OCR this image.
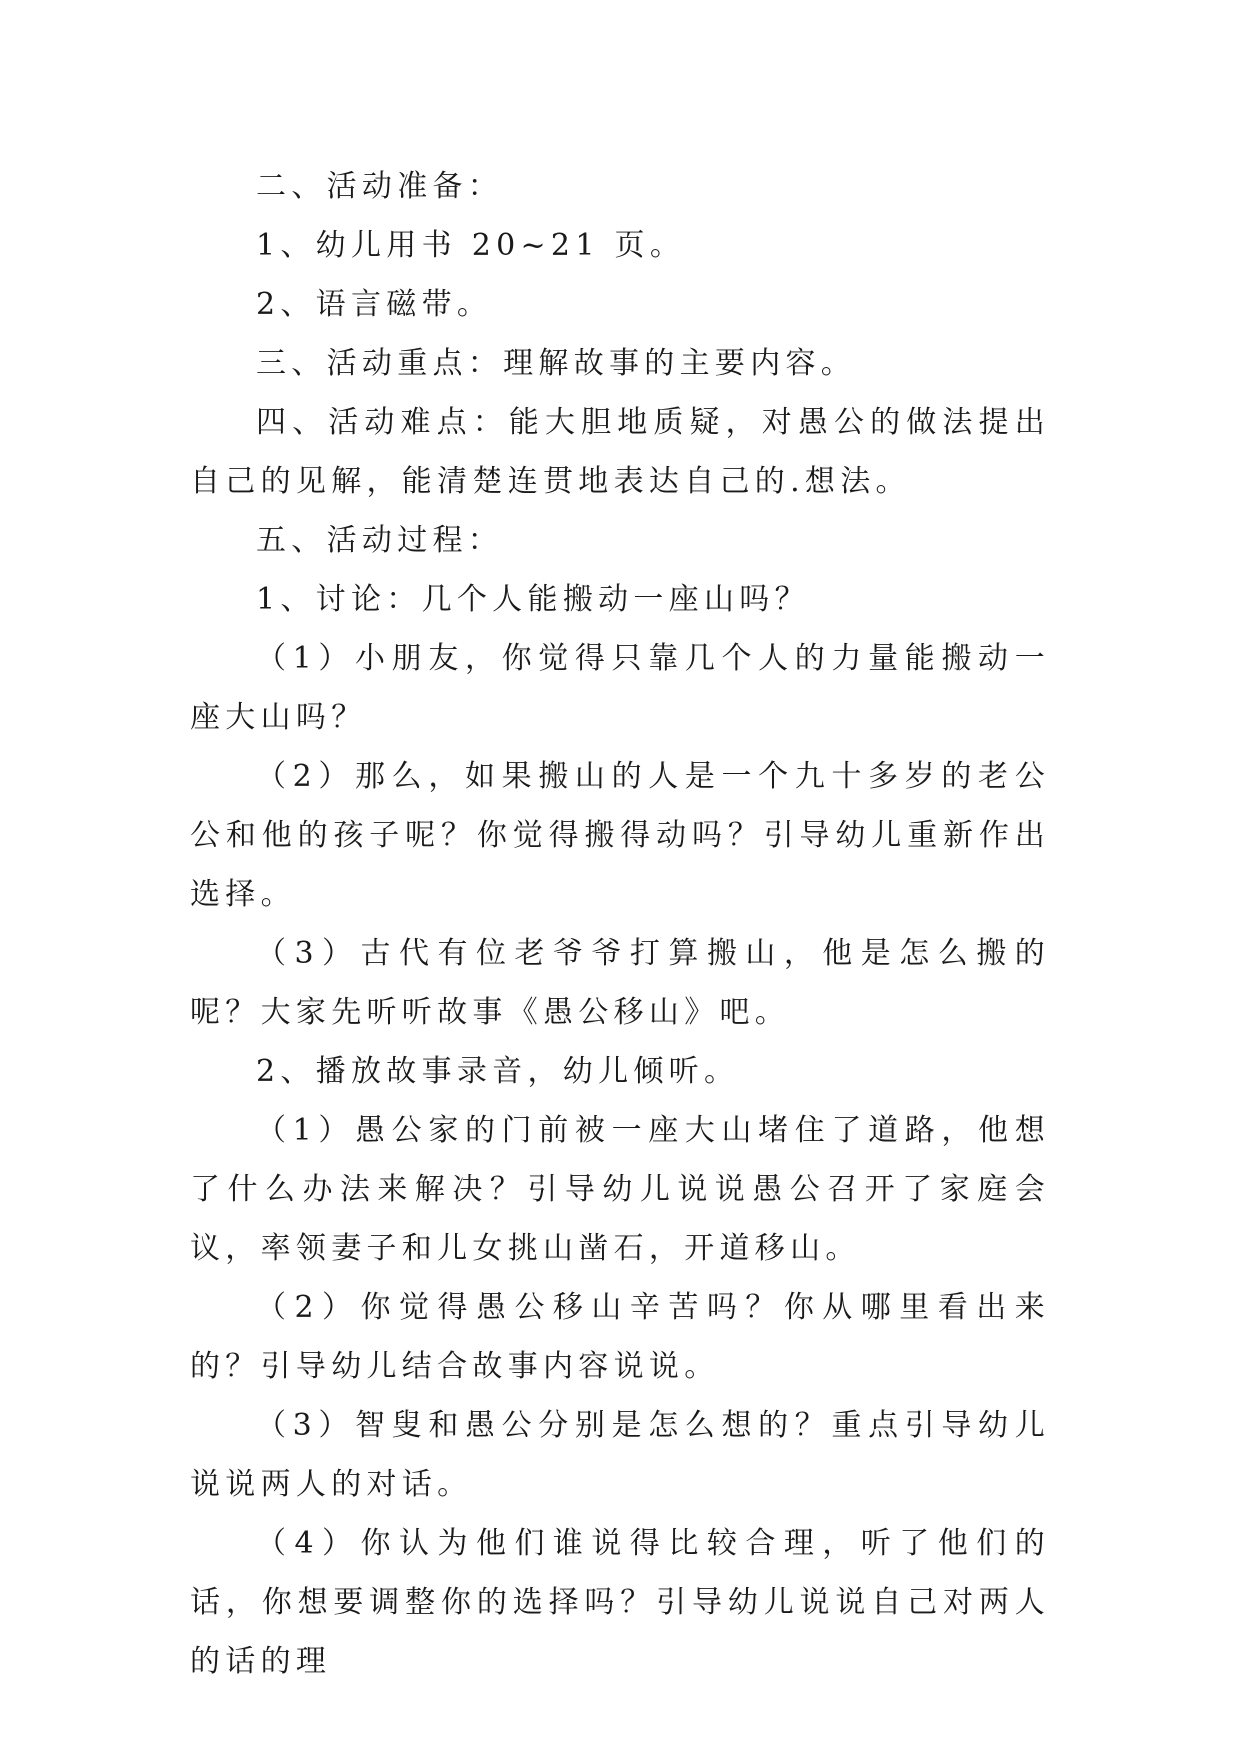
二、活动准备：

1、幼儿用书 20~21 页。

2、语言磁带。

三、活动重点：理解故事的主要内容。

四、活动难点：能大胆地质疑，对愚公的做法提出自己的见解，能清楚连贯地表达自己的.想法。

五、活动过程：

1、讨论：几个人能搬动一座山吗？

（1）小朋友，你觉得只靠几个人的力量能搬动一座大山吗？

（2）那么，如果搬山的人是一个九十多岁的老公公和他的孩子呢？你觉得搬得动吗？引导幼儿重新作出选择。

（3）古代有位老爷爷打算搬山，他是怎么搬的呢？大家先听听故事《愚公移山》吧。

2、播放故事录音，幼儿倾听。

（1）愚公家的门前被一座大山堵住了道路，他想了什么办法来解决？引导幼儿说说愚公召开了家庭会议，率领妻子和儿女挑山凿石，开道移山。

（2）你觉得愚公移山辛苦吗？你从哪里看出来的？引导幼儿结合故事内容说说。

（3）智叟和愚公分别是怎么想的？重点引导幼儿说说两人的对话。

（4）你认为他们谁说得比较合理，听了他们的话，你想要调整你的选择吗？引导幼儿说说自己对两人的话的理
